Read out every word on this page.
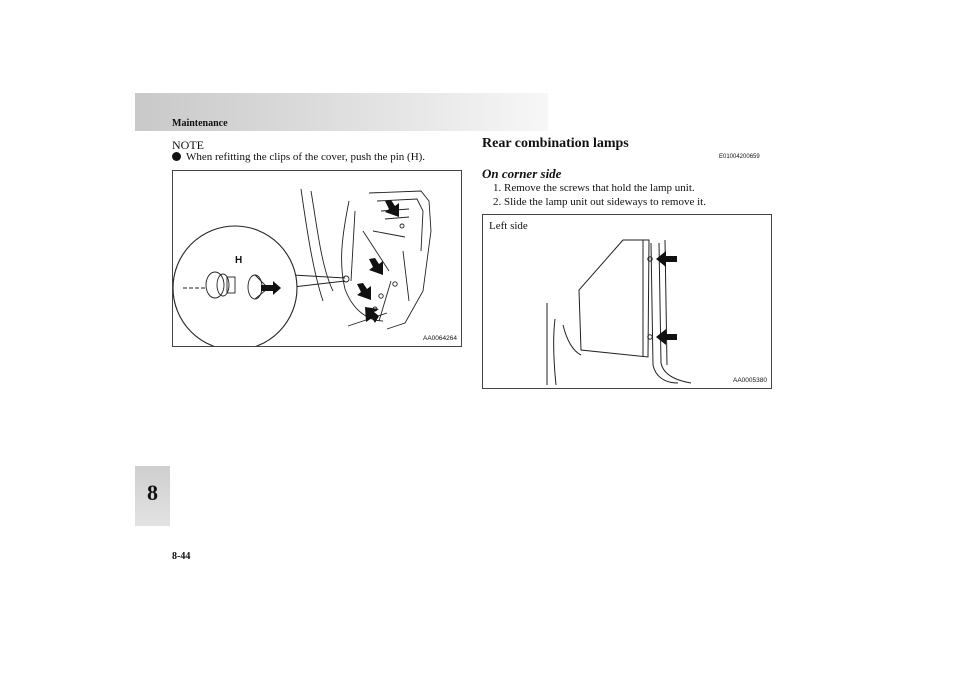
Maintenance
8
8-44
NOTE
When refitting the clips of the cover, push the pin (H).
H
AA0064264
Rear combination lamps
E01004200659
On corner side
1. Remove the screws that hold the lamp unit.
2. Slide the lamp unit out sideways to remove it.
Left side
AA0005380
